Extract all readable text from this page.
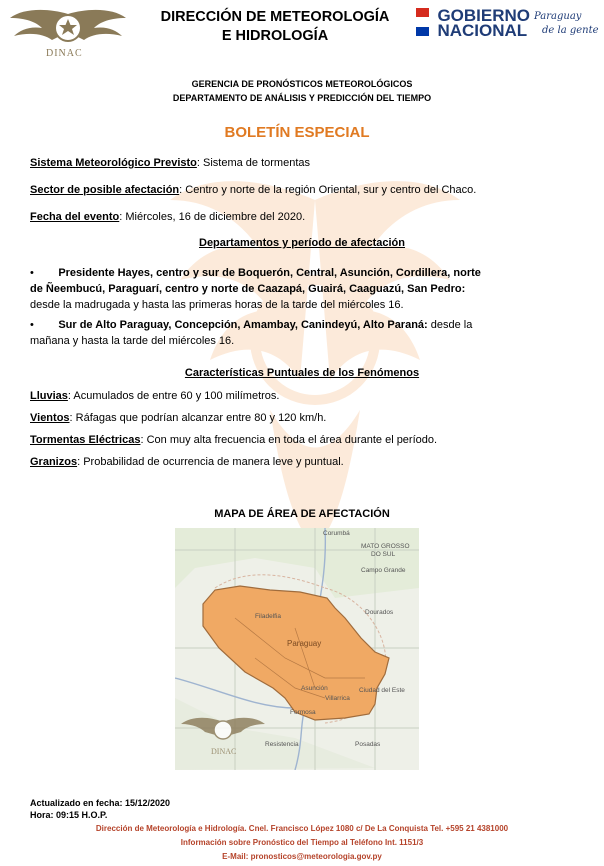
DINAC
DIRECCIÓN DE METEOROLOGÍA
E HIDROLOGÍA

GOBIERNO
NACIONAL
Paraguay
de la gente
GERENCIA DE PRONÓSTICOS METEOROLÓGICOS
DEPARTAMENTO DE ANÁLISIS Y PREDICCIÓN DEL TIEMPO
BOLETÍN ESPECIAL
Sistema Meteorológico Previsto: Sistema de tormentas
Sector de posible afectación: Centro y norte de la región Oriental, sur y centro del Chaco.
Fecha del evento: Miércoles, 16 de diciembre del 2020.
Departamentos y período de afectación
• Presidente Hayes, centro y sur de Boquerón, Central, Asunción, Cordillera, norte
de Ñeembucú, Paraguarí, centro y norte de Caazapá, Guairá, Caaguazú, San Pedro:
desde la madrugada y hasta las primeras horas de la tarde del miércoles 16.
• Sur de Alto Paraguay, Concepción, Amambay, Canindeyú, Alto Paraná: desde la
mañana y hasta la tarde del miércoles 16.
Características Puntuales de los Fenómenos
Lluvias: Acumulados de entre 60 y 100 milímetros.
Vientos: Ráfagas que podrían alcanzar entre 80 y 120 km/h.
Tormentas Eléctricas: Con muy alta frecuencia en toda el área durante el período.
Granizos: Probabilidad de ocurrencia de manera leve y puntual.
MAPA DE ÁREA DE AFECTACIÓN
Corumbá
MATO GROSSO
DO SUL
Campo Grande
Dourados
Filadelfia
Paraguay
Asunción
Villarrica
Ciudad del Este
Formosa
Resistencia	Posadas
DINAC
Actualizado en fecha: 15/12/2020
Hora: 09:15 H.O.P.
Dirección de Meteorología e Hidrología. Cnel. Francisco López 1080 c/ De La Conquista Tel. +595 21 4381000
Información sobre Pronóstico del Tiempo al Teléfono Int. 1151/3
E-Mail: pronosticos@meteorologia.gov.py
